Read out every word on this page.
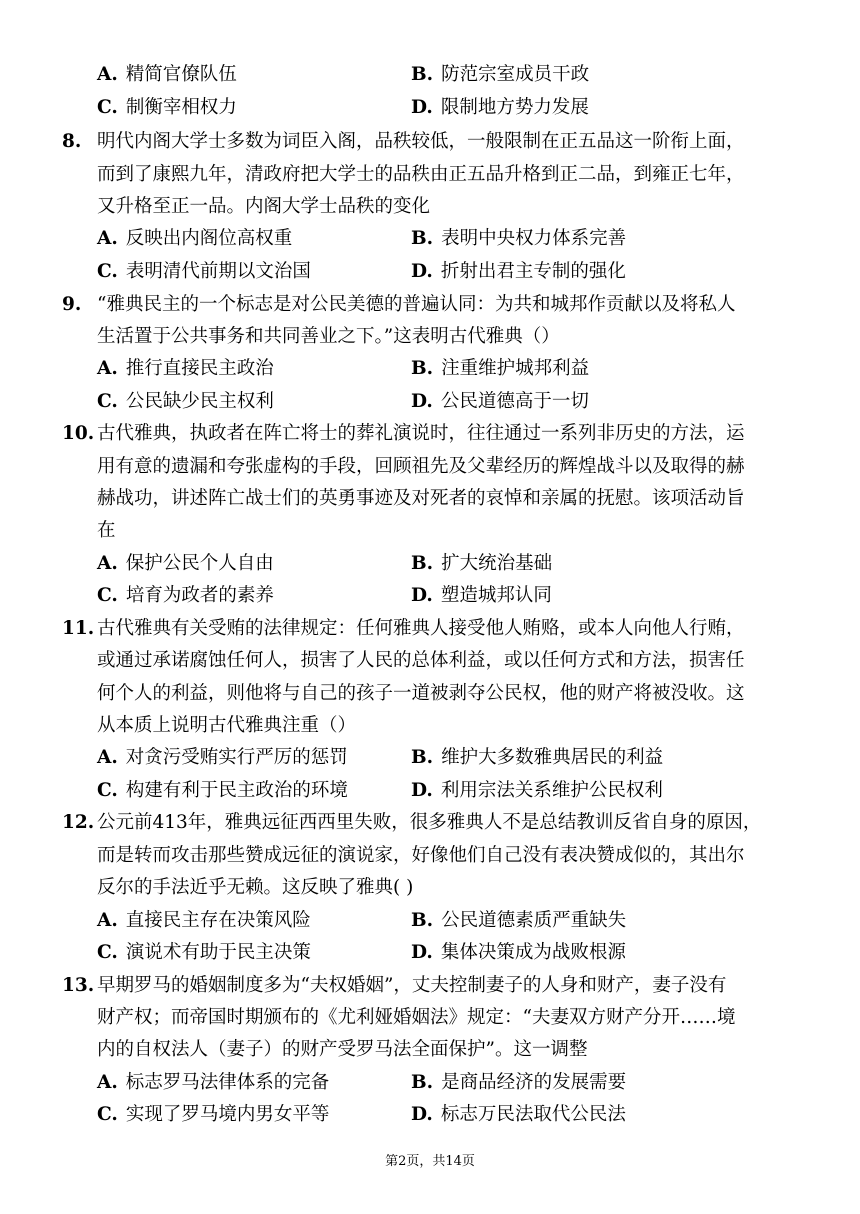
A. 精简官僚队伍	B. 防范宗室成员干政
C. 制衡宰相权力	D. 限制地方势力发展
8. 明代内阁大学士多数为词臣入阁，品秩较低，一般限制在正五品这一阶衔上面，
而到了康熙九年，清政府把大学士的品秩由正五品升格到正二品，到雍正七年，
又升格至正一品。内阁大学士品秩的变化
A. 反映出内阁位高权重	B. 表明中央权力体系完善
C. 表明清代前期以文治国	D. 折射出君主专制的强化
9. “雅典民主的一个标志是对公民美德的普遍认同：为共和城邦作贡献以及将私人
生活置于公共事务和共同善业之下。”这表明古代雅典（）
A. 推行直接民主政治	B. 注重维护城邦利益
C. 公民缺少民主权利	D. 公民道德高于一切
10. 古代雅典，执政者在阵亡将士的葬礼演说时，往往通过一系列非历史的方法，运
用有意的遗漏和夸张虚构的手段，回顾祖先及父辈经历的辉煌战斗以及取得的赫
赫战功，讲述阵亡战士们的英勇事迹及对死者的哀悼和亲属的抚慰。该项活动旨
在
A. 保护公民个人自由	B. 扩大统治基础
C. 培育为政者的素养	D. 塑造城邦认同
11. 古代雅典有关受贿的法律规定：任何雅典人接受他人贿赂，或本人向他人行贿，
或通过承诺腐蚀任何人，损害了人民的总体利益，或以任何方式和方法，损害任
何个人的利益，则他将与自己的孩子一道被剥夺公民权，他的财产将被没收。这
从本质上说明古代雅典注重（）
A. 对贪污受贿实行严厉的惩罚	B. 维护大多数雅典居民的利益
C. 构建有利于民主政治的环境	D. 利用宗法关系维护公民权利
12. 公元前413年，雅典远征西西里失败，很多雅典人不是总结教训反省自身的原因，
而是转而攻击那些赞成远征的演说家，好像他们自己没有表决赞成似的，其出尔
反尔的手法近乎无赖。这反映了雅典( )
A. 直接民主存在决策风险	B. 公民道德素质严重缺失
C. 演说术有助于民主决策	D. 集体决策成为战败根源
13. 早期罗马的婚姻制度多为“夫权婚姻”，丈夫控制妻子的人身和财产，妻子没有
财产权；而帝国时期颁布的《尤利娅婚姻法》规定：“夫妻双方财产分开……境
内的自权法人（妻子）的财产受罗马法全面保护”。这一调整
A. 标志罗马法律体系的完备	B. 是商品经济的发展需要
C. 实现了罗马境内男女平等	D. 标志万民法取代公民法
第2页，共14页
